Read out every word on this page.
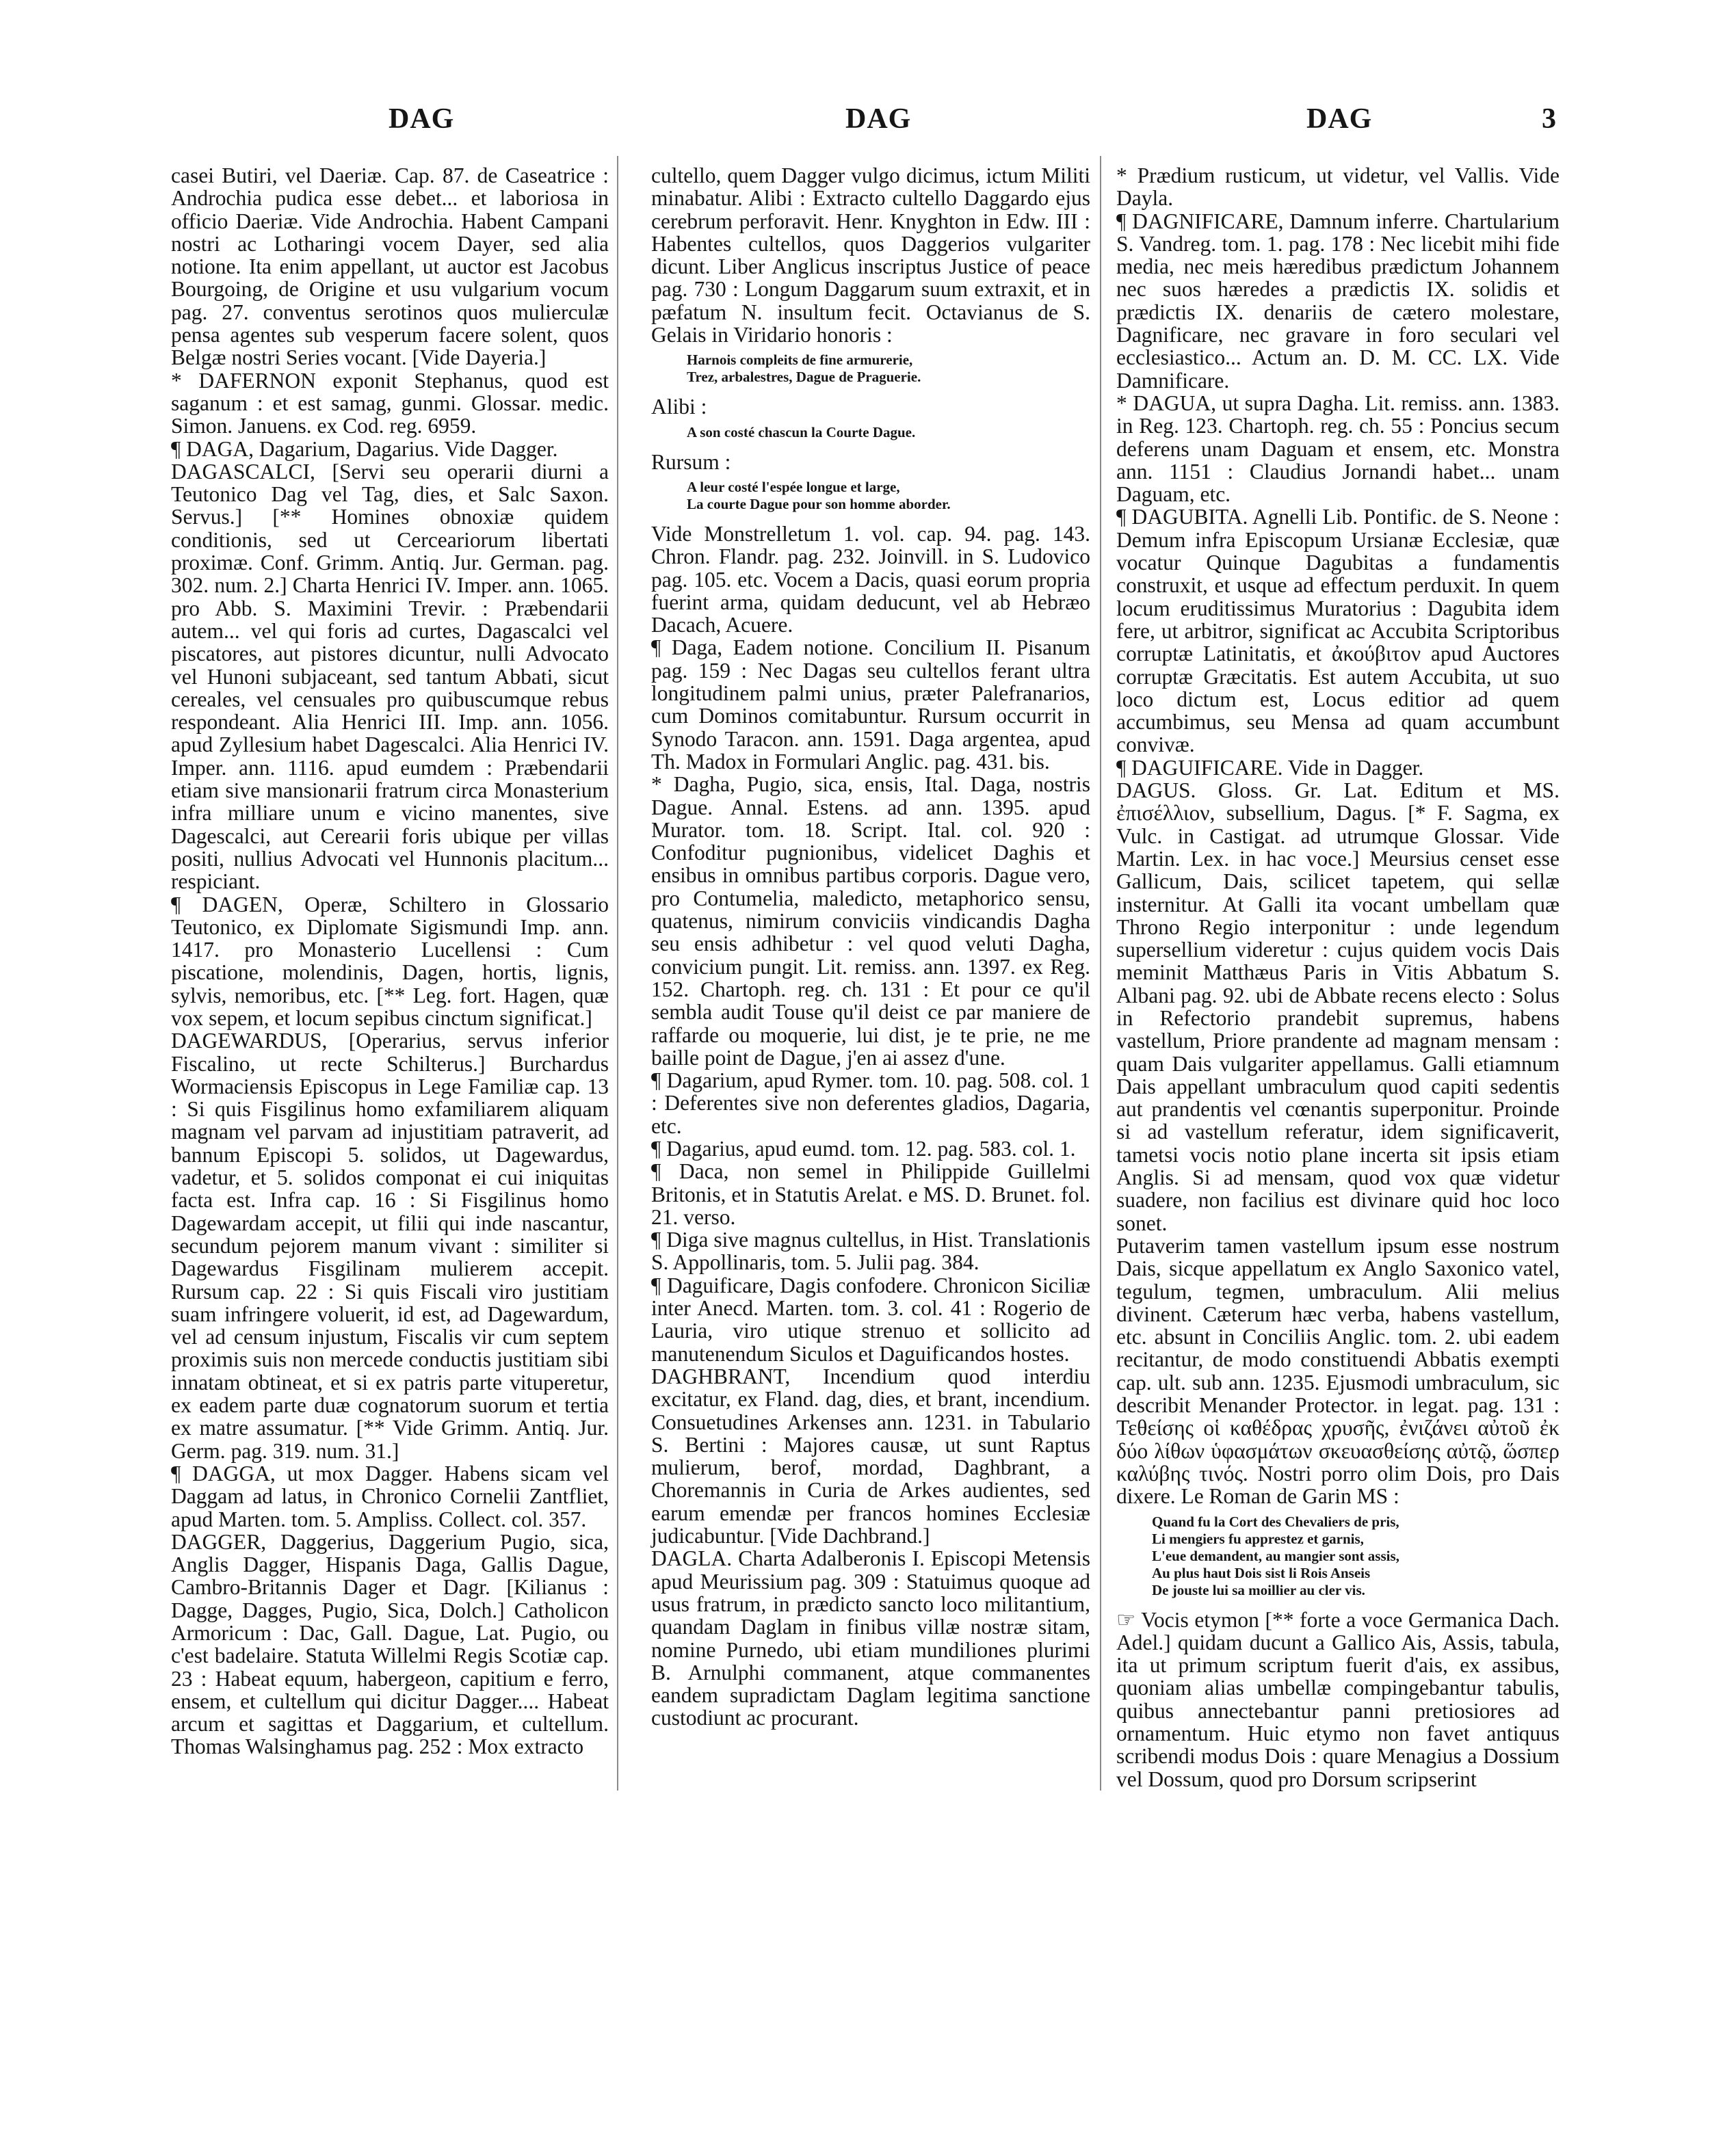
DAG	DAG	DAG	3

casei Butiri, vel Daeriæ. Cap. 87. de Caseatrice : Androchia pudica esse debet... et laboriosa in officio Daeriæ. Vide Androchia. Habent Campani nostri ac Lotharingi vocem Dayer, sed alia notione. Ita enim appellant, ut auctor est Jacobus Bourgoing, de Origine et usu vulgarium vocum pag. 27. conventus serotinos quos mulierculæ pensa agentes sub vesperum facere solent, quos Belgæ nostri Series vocant. [Vide Dayeria.]

* DAFERNON exponit Stephanus, quod est saganum : et est samag, gunmi. Glossar. medic. Simon. Januens. ex Cod. reg. 6959.

¶ DAGA, Dagarium, Dagarius. Vide Dagger.

DAGASCALCI, [Servi seu operarii diurni a Teutonico Dag vel Tag, dies, et Salc Saxon. Servus.] [** Homines obnoxiæ quidem conditionis, sed ut Cerceariorum libertati proximæ. Conf. Grimm. Antiq. Jur. German. pag. 302. num. 2.] Charta Henrici IV. Imper. ann. 1065. pro Abb. S. Maximini Trevir. : Præbendarii autem... vel qui foris ad curtes, Dagascalci vel piscatores, aut pistores dicuntur, nulli Advocato vel Hunoni subjaceant, sed tantum Abbati, sicut cereales, vel censuales pro quibuscumque rebus respondeant. Alia Henrici III. Imp. ann. 1056. apud Zyllesium habet Dagescalci. Alia Henrici IV. Imper. ann. 1116. apud eumdem : Præbendarii etiam sive mansionarii fratrum circa Monasterium infra milliare unum e vicino manentes, sive Dagescalci, aut Cerearii foris ubique per villas positi, nullius Advocati vel Hunnonis placitum... respiciant.

¶ DAGEN, Operæ, Schiltero in Glossario Teutonico, ex Diplomate Sigismundi Imp. ann. 1417. pro Monasterio Lucellensi : Cum piscatione, molendinis, Dagen, hortis, lignis, sylvis, nemoribus, etc. [** Leg. fort. Hagen, quæ vox sepem, et locum sepibus cinctum significat.]

DAGEWARDUS, [Operarius, servus inferior Fiscalino, ut recte Schilterus.] Burchardus Wormaciensis Episcopus in Lege Familiæ cap. 13 : Si quis Fisgilinus homo exfamiliarem aliquam magnam vel parvam ad injustitiam patraverit, ad bannum Episcopi 5. solidos, ut Dagewardus, vadetur, et 5. solidos componat ei cui iniquitas facta est. Infra cap. 16 : Si Fisgilinus homo Dagewardam accepit, ut filii qui inde nascantur, secundum pejorem manum vivant : similiter si Dagewardus Fisgilinam mulierem accepit. Rursum cap. 22 : Si quis Fiscali viro justitiam suam infringere voluerit, id est, ad Dagewardum, vel ad censum injustum, Fiscalis vir cum septem proximis suis non mercede conductis justitiam sibi innatam obtineat, et si ex patris parte vituperetur, ex eadem parte duæ cognatorum suorum et tertia ex matre assumatur. [** Vide Grimm. Antiq. Jur. Germ. pag. 319. num. 31.]

¶ DAGGA, ut mox Dagger. Habens sicam vel Daggam ad latus, in Chronico Cornelii Zantfliet, apud Marten. tom. 5. Ampliss. Collect. col. 357.

DAGGER, Daggerius, Daggerium Pugio, sica, Anglis Dagger, Hispanis Daga, Gallis Dague, Cambro-Britannis Dager et Dagr. [Kilianus : Dagge, Dagges, Pugio, Sica, Dolch.] Catholicon Armoricum : Dac, Gall. Dague, Lat. Pugio, ou c'est badelaire. Statuta Willelmi Regis Scotiæ cap. 23 : Habeat equum, habergeon, capitium e ferro, ensem, et cultellum qui dicitur Dagger.... Habeat arcum et sagittas et Daggarium, et cultellum. Thomas Walsinghamus pag. 252 : Mox extracto

cultello, quem Dagger vulgo dicimus, ictum Militi minabatur. Alibi : Extracto cultello Daggardo ejus cerebrum perforavit. Henr. Knyghton in Edw. III : Habentes cultellos, quos Daggerios vulgariter dicunt. Liber Anglicus inscriptus Justice of peace pag. 730 : Longum Daggarum suum extraxit, et in pæfatum N. insultum fecit. Octavianus de S. Gelais in Viridario honoris :

Harnois compleits de fine armurerie,
Trez, arbalestres, Dague de Praguerie.

Alibi :

A son costé chascun la Courte Dague.

Rursum :

A leur costé l'espée longue et large,
La courte Dague pour son homme aborder.

Vide Monstrelletum 1. vol. cap. 94. pag. 143. Chron. Flandr. pag. 232. Joinvill. in S. Ludovico pag. 105. etc. Vocem a Dacis, quasi eorum propria fuerint arma, quidam deducunt, vel ab Hebræo Dacach, Acuere.

¶ Daga, Eadem notione. Concilium II. Pisanum pag. 159 : Nec Dagas seu cultellos ferant ultra longitudinem palmi unius, præter Palefranarios, cum Dominos comitabuntur. Rursum occurrit in Synodo Taracon. ann. 1591. Daga argentea, apud Th. Madox in Formulari Anglic. pag. 431. bis.

* Dagha, Pugio, sica, ensis, Ital. Daga, nostris Dague. Annal. Estens. ad ann. 1395. apud Murator. tom. 18. Script. Ital. col. 920 : Confoditur pugnionibus, videlicet Daghis et ensibus in omnibus partibus corporis. Dague vero, pro Contumelia, maledicto, metaphorico sensu, quatenus, nimirum conviciis vindicandis Dagha seu ensis adhibetur : vel quod veluti Dagha, convicium pungit. Lit. remiss. ann. 1397. ex Reg. 152. Chartoph. reg. ch. 131 : Et pour ce qu'il sembla audit Touse qu'il deist ce par maniere de raffarde ou moquerie, lui dist, je te prie, ne me baille point de Dague, j'en ai assez d'une.

¶ Dagarium, apud Rymer. tom. 10. pag. 508. col. 1 : Deferentes sive non deferentes gladios, Dagaria, etc.

¶ Dagarius, apud eumd. tom. 12. pag. 583. col. 1.

¶ Daca, non semel in Philippide Guillelmi Britonis, et in Statutis Arelat. e MS. D. Brunet. fol. 21. verso.

¶ Diga sive magnus cultellus, in Hist. Translationis S. Appollinaris, tom. 5. Julii pag. 384.

¶ Daguificare, Dagis confodere. Chronicon Siciliæ inter Anecd. Marten. tom. 3. col. 41 : Rogerio de Lauria, viro utique strenuo et sollicito ad manutenendum Siculos et Daguificandos hostes.

DAGHBRANT, Incendium quod interdiu excitatur, ex Fland. dag, dies, et brant, incendium. Consuetudines Arkenses ann. 1231. in Tabulario S. Bertini : Majores causæ, ut sunt Raptus mulierum, berof, mordad, Daghbrant, a Choremannis in Curia de Arkes audientes, sed earum emendæ per francos homines Ecclesiæ judicabuntur. [Vide Dachbrand.]

DAGLA. Charta Adalberonis I. Episcopi Metensis apud Meurissium pag. 309 : Statuimus quoque ad usus fratrum, in prædicto sancto loco militantium, quandam Daglam in finibus villæ nostræ sitam, nomine Purnedo, ubi etiam mundiliones plurimi B. Arnulphi commanent, atque commanentes eandem supradictam Daglam legitima sanctione custodiunt ac procurant.

* Prædium rusticum, ut videtur, vel Vallis. Vide Dayla.

¶ DAGNIFICARE, Damnum inferre. Chartularium S. Vandreg. tom. 1. pag. 178 : Nec licebit mihi fide media, nec meis hæredibus prædictum Johannem nec suos hæredes a prædictis IX. solidis et prædictis IX. denariis de cætero molestare, Dagnificare, nec gravare in foro seculari vel ecclesiastico... Actum an. D. M. CC. LX. Vide Damnificare.

* DAGUA, ut supra Dagha. Lit. remiss. ann. 1383. in Reg. 123. Chartoph. reg. ch. 55 : Poncius secum deferens unam Daguam et ensem, etc. Monstra ann. 1151 : Claudius Jornandi habet... unam Daguam, etc.

¶ DAGUBITA. Agnelli Lib. Pontific. de S. Neone : Demum infra Episcopum Ursianæ Ecclesiæ, quæ vocatur Quinque Dagubitas a fundamentis construxit, et usque ad effectum perduxit. In quem locum eruditissimus Muratorius : Dagubita idem fere, ut arbitror, significat ac Accubita Scriptoribus corruptæ Latinitatis, et ἀκούβιτον apud Auctores corruptæ Græcitatis. Est autem Accubita, ut suo loco dictum est, Locus editior ad quem accumbimus, seu Mensa ad quam accumbunt convivæ.

¶ DAGUIFICARE. Vide in Dagger.

DAGUS. Gloss. Gr. Lat. Editum et MS. ἐπισέλλιον, subsellium, Dagus. [* F. Sagma, ex Vulc. in Castigat. ad utrumque Glossar. Vide Martin. Lex. in hac voce.] Meursius censet esse Gallicum, Dais, scilicet tapetem, qui sellæ insternitur. At Galli ita vocant umbellam quæ Throno Regio interponitur : unde legendum supersellium videretur : cujus quidem vocis Dais meminit Matthæus Paris in Vitis Abbatum S. Albani pag. 92. ubi de Abbate recens electo : Solus in Refectorio prandebit supremus, habens vastellum, Priore prandente ad magnam mensam : quam Dais vulgariter appellamus. Galli etiamnum Dais appellant umbraculum quod capiti sedentis aut prandentis vel cœnantis superponitur. Proinde si ad vastellum referatur, idem significaverit, tametsi vocis notio plane incerta sit ipsis etiam Anglis. Si ad mensam, quod vox quæ videtur suadere, non facilius est divinare quid hoc loco sonet.

Putaverim tamen vastellum ipsum esse nostrum Dais, sicque appellatum ex Anglo Saxonico vatel, tegulum, tegmen, umbraculum. Alii melius divinent. Cæterum hæc verba, habens vastellum, etc. absunt in Conciliis Anglic. tom. 2. ubi eadem recitantur, de modo constituendi Abbatis exempti cap. ult. sub ann. 1235. Ejusmodi umbraculum, sic describit Menander Protector. in legat. pag. 131 : Τεθείσης οἱ καθέδρας χρυσῆς, ἐνιζάνει αὐτοῦ ἐκ δύο λίθων ὑφασμάτων σκευασθείσης αὐτῷ, ὥσπερ καλύβης τινός. Nostri porro olim Dois, pro Dais dixere. Le Roman de Garin MS :

Quand fu la Cort des Chevaliers de pris,
Li mengiers fu apprestez et garnis,
L'eue demandent, au mangier sont assis,
Au plus haut Dois sist li Rois Anseis
De jouste lui sa moillier au cler vis.

☞ Vocis etymon [** forte a voce Germanica Dach. Adel.] quidam ducunt a Gallico Ais, Assis, tabula, ita ut primum scriptum fuerit d'ais, ex assibus, quoniam alias umbellæ compingebantur tabulis, quibus annectebantur panni pretiosiores ad ornamentum. Huic etymo non favet antiquus scribendi modus Dois : quare Menagius a Dossium vel Dossum, quod pro Dorsum scripserint
